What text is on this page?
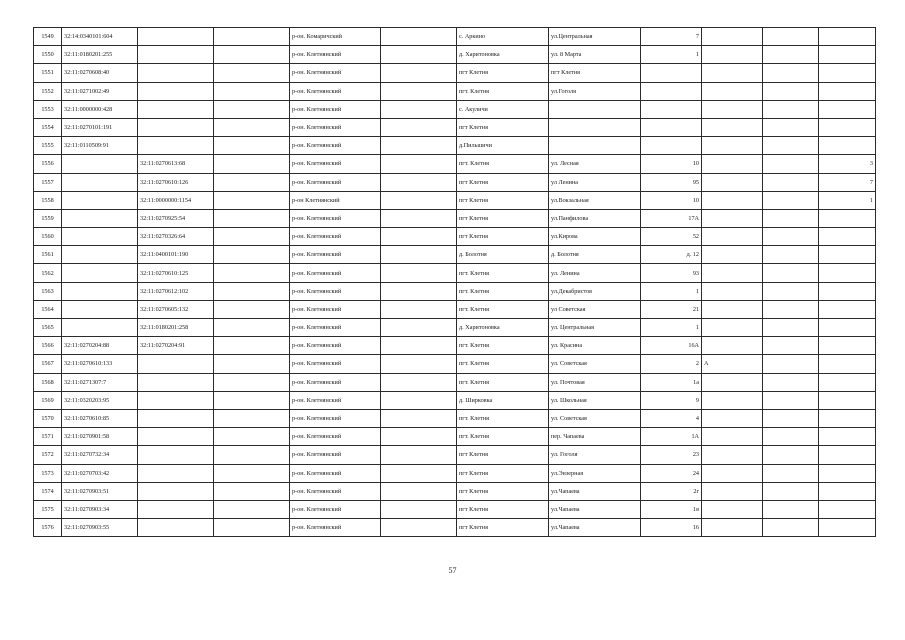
1549	32:14:0340101:604			р-он. Комаричский		с. Аркино	ул.Центральная	7			
1550	32:11:0180201:255			р-он. Клетнянский		д. Харитоновка	ул. 8 Марта	1			
1551	32:11:0270608:40			р-он. Клетнянский		пгт Клетня	пгт Клетня				
1552	32:11:0271002:49			р-он. Клетнянский		пгт. Клетня	ул.Гоголя				
1553	32:11:0000000:428			р-он. Клетнянский		с. Акуличи					
1554	32:11:0270101:191			р-он. Клетнянский		пгт Клетня					
1555	32:11:0110509:91			р-он. Клетнянский		д.Пильшичи					
1556		32:11:0270613:68		р-он. Клетнянский		пгт. Клетня	ул. Лесная	10			3
1557		32:11:0270610:126		р-он. Клетнянский		пгт Клетня	ул Ленина	95			7
1558		32:11:0000000:1154		р-он Клетнянский		пгт Клетня	ул.Вокзальная	10			1
1559		32:11:0270925:54		р-он. Клетнянский		пгт Клетня	ул.Панфилова	17А			
1560		32:11:0270326:64		р-он. Клетнянский		пгт Клетня	ул.Кирова	52			
1561		32:11:0400101:190		р-он. Клетнянский		д. Болотня	д. Болотня	д. 12			
1562		32:11:0270610:125		р-он. Клетнянский		пгт. Клетня	ул. Ленина	93			
1563		32:11:0270612:102		р-он. Клетнянский		пгт. Клетня	ул.Декабристов	1			
1564		32:11:0270605:132		р-он. Клетнянский		пгт. Клетня	ул Советская	21			
1565		32:11:0180201:258		р-он. Клетнянский		д. Харитоновка	ул. Центральная	1			
1566	32:11:0270204:88	32:11:0270204:91		р-он. Клетнянский		пгт. Клетня	ул. Красина	16А			
1567	32:11:0270610:133			р-он. Клетнянский		пгт. Клетня	ул. Советская	2	А		
1568	32:11:0271307:7			р-он. Клетнянский		пгт. Клетня	ул. Почтовая	1а			
1569	32:11:0320203:95			р-он. Клетнянский		д. Ширковка	ул. Школьная	9			
1570	32:11:0270610:85			р-он. Клетнянский		пгт. Клетня	ул. Советская	4			
1571	32:11:0270901:58			р-он. Клетнянский		пгт. Клетня	пер. Чапаева	1А			
1572	32:11:0270732:34			р-он. Клетнянский		пгт Клетня	ул. Гоголя	23			
1573	32:11:0270703:42			р-он. Клетнянский		пгт Клетня	ул.Энзерная	24			
1574	32:11:0270903:51			р-он. Клетнянский		пгт Клетня	ул.Чапаева	2г			
1575	32:11:0270903:34			р-он. Клетнянский		пгт Клетня	ул.Чапаева	1в			
1576	32:11:0270903:55			р-он. Клетнянский		пгт Клетня	ул.Чапаева	16			
57
